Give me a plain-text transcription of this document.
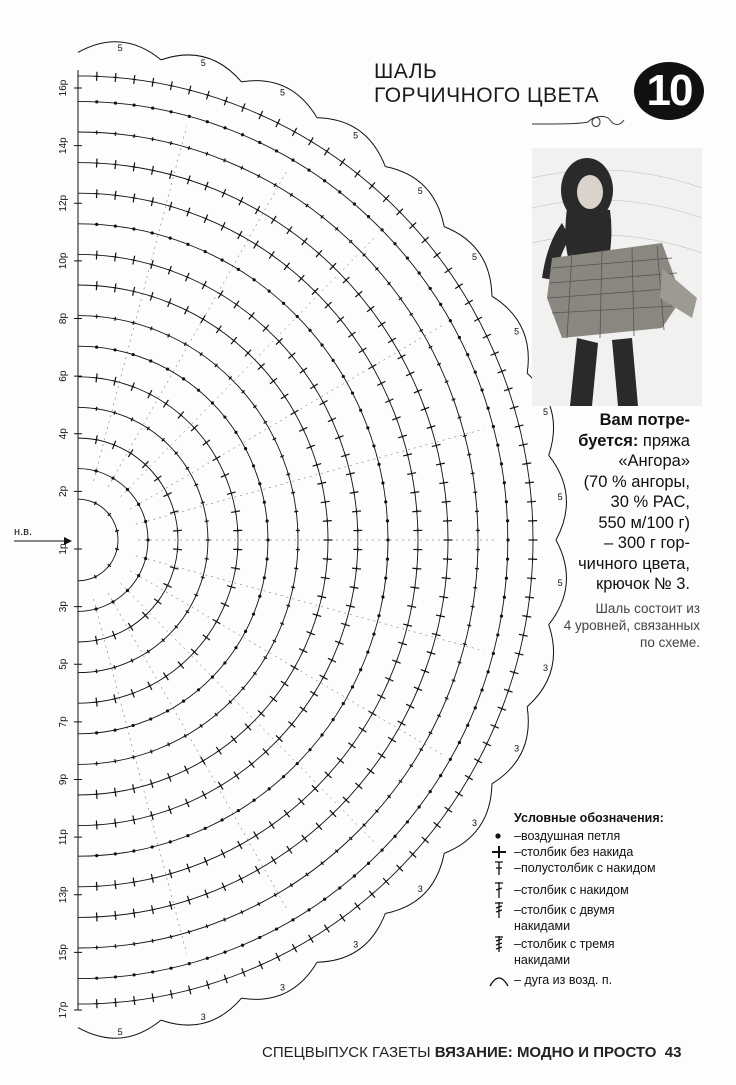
16р
14р
12р
10р
8р
6р
4р
2р
1р
3р
5р
7р
9р
11р
13р
15р
17р
5
5
5
5
5
5
5
5
5
5
3
3
3
3
3
3
3
5
н.в.
ШАЛЬ
ГОРЧИЧНОГО ЦВЕТА 10
Вам потре-
буется: пряжа
«Ангора»
(70 % ангоры,
30 % PAC,
550 м/100 г)
– 300 г гор-
чичного цвета,
крючок № 3.
Шаль состоит из
4 уровней, связанных
по схеме.
Условные обозначения:
–воздушная петля
–столбик без накида
–полустолбик с накидом
–столбик с накидом
–столбик с двумя
накидами
–столбик с тремя
накидами
– дуга из возд. п.
СПЕЦВЫПУСК ГАЗЕТЫ ВЯЗАНИЕ: МОДНО И ПРОСТО 43
